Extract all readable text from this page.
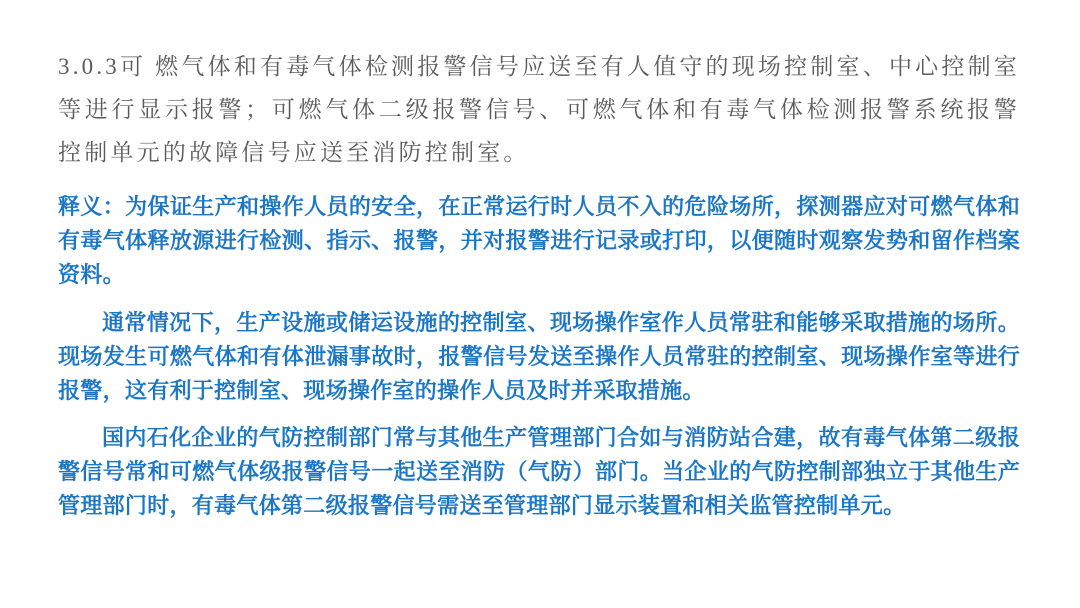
3.0.3可 燃气体和有毒气体检测报警信号应送至有人值守的现场控制室、中心控制室等进行显示报警；可燃气体二级报警信号、可燃气体和有毒气体检测报警系统报警控制单元的故障信号应送至消防控制室。

释义：为保证生产和操作人员的安全，在正常运行时人员不入的危险场所，探测器应对可燃气体和有毒气体释放源进行检测、指示、报警，并对报警进行记录或打印，以便随时观察发势和留作档案资料。

通常情况下，生产设施或储运设施的控制室、现场操作室作人员常驻和能够采取措施的场所。现场发生可燃气体和有体泄漏事故时，报警信号发送至操作人员常驻的控制室、现场操作室等进行报警，这有利于控制室、现场操作室的操作人员及时并采取措施。

国内石化企业的气防控制部门常与其他生产管理部门合如与消防站合建，故有毒气体第二级报警信号常和可燃气体级报警信号一起送至消防（气防）部门。当企业的气防控制部独立于其他生产管理部门时，有毒气体第二级报警信号需送至管理部门显示装置和相关监管控制单元。
